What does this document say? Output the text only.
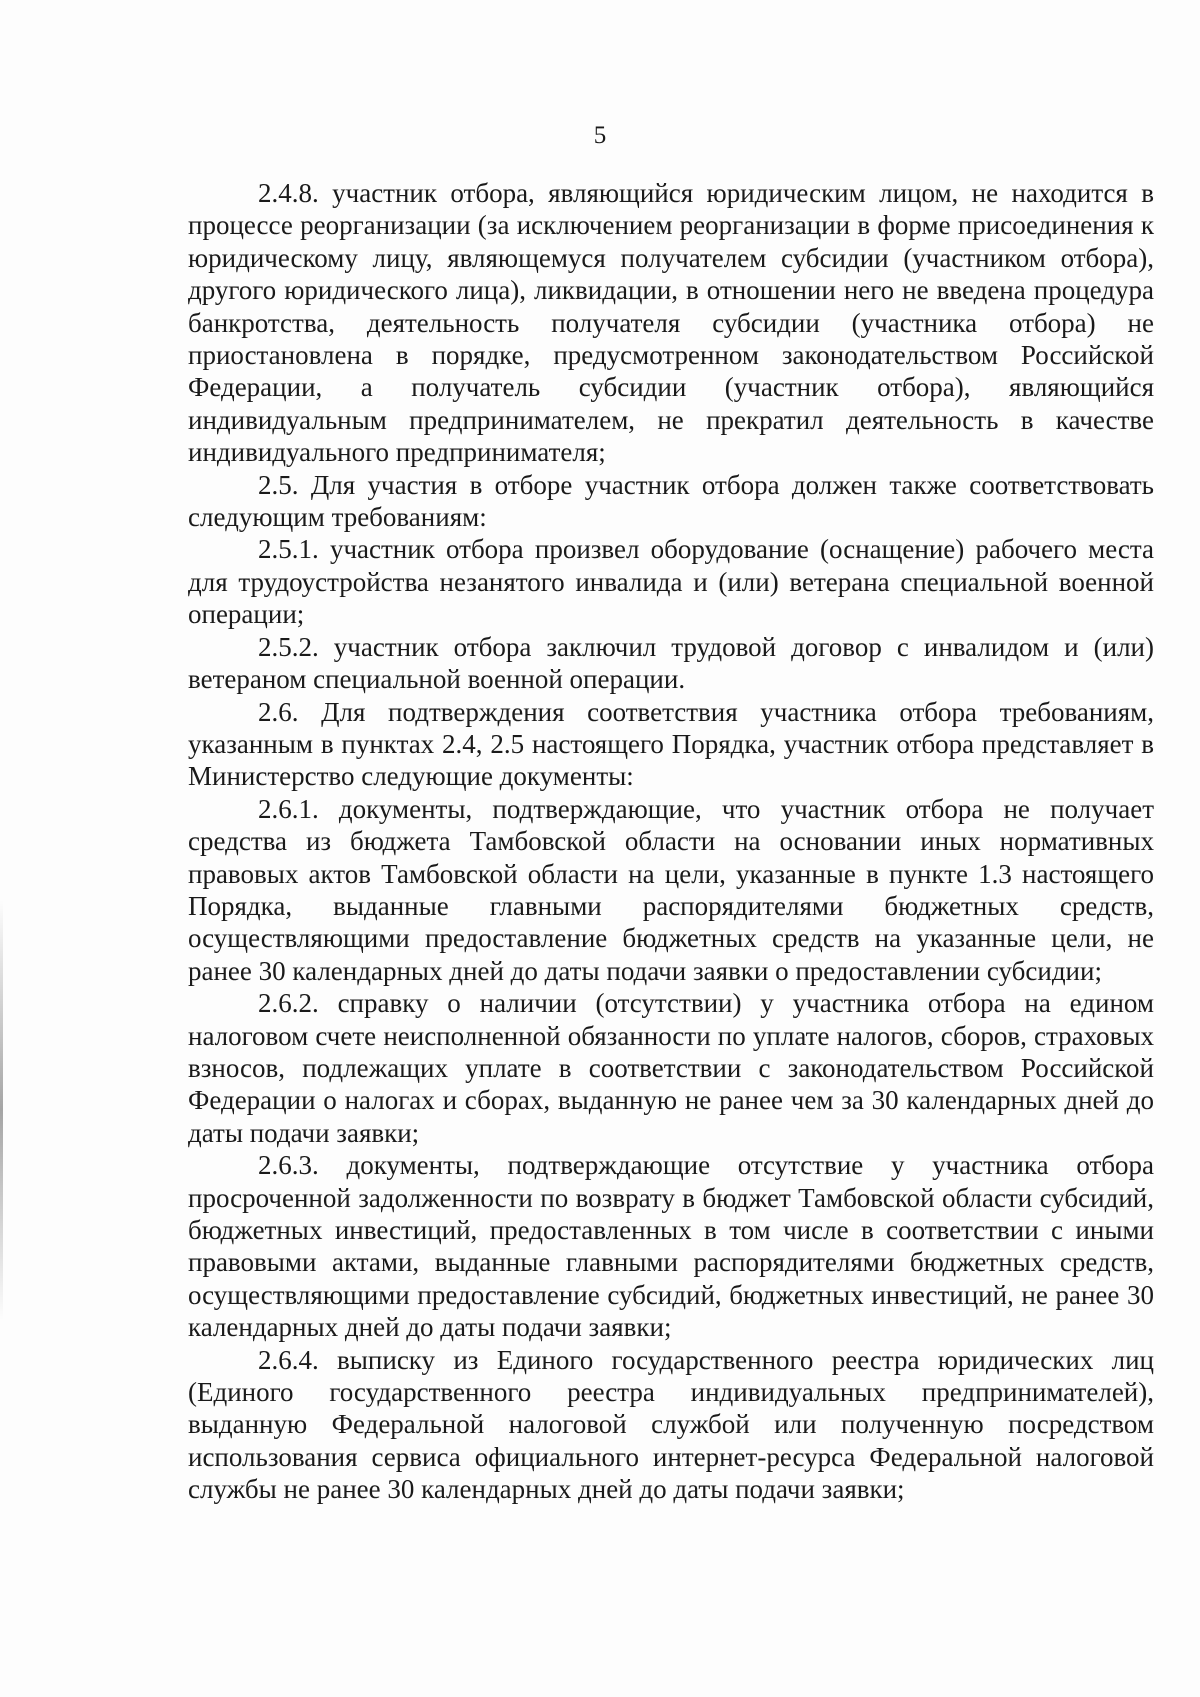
5

2.4.8. участник отбора, являющийся юридическим лицом, не находится в процессе реорганизации (за исключением реорганизации в форме присоединения к юридическому лицу, являющемуся получателем субсидии (участником отбора), другого юридического лица), ликвидации, в отношении него не введена процедура банкротства, деятельность получателя субсидии (участника отбора) не приостановлена в порядке, предусмотренном законодательством Российской Федерации, а получатель субсидии (участник отбора), являющийся индивидуальным предпринимателем, не прекратил деятельность в качестве индивидуального предпринимателя;

2.5. Для участия в отборе участник отбора должен также соответствовать следующим требованиям:

2.5.1. участник отбора произвел оборудование (оснащение) рабочего места для трудоустройства незанятого инвалида и (или) ветерана специальной военной операции;

2.5.2. участник отбора заключил трудовой договор с инвалидом и (или) ветераном специальной военной операции.

2.6. Для подтверждения соответствия участника отбора требованиям, указанным в пунктах 2.4, 2.5 настоящего Порядка, участник отбора представляет в Министерство следующие документы:

2.6.1. документы, подтверждающие, что участник отбора не получает средства из бюджета Тамбовской области на основании иных нормативных правовых актов Тамбовской области на цели, указанные в пункте 1.3 настоящего Порядка, выданные главными распорядителями бюджетных средств, осуществляющими предоставление бюджетных средств на указанные цели, не ранее 30 календарных дней до даты подачи заявки о предоставлении субсидии;

2.6.2. справку о наличии (отсутствии) у участника отбора на едином налоговом счете неисполненной обязанности по уплате налогов, сборов, страховых взносов, подлежащих уплате в соответствии с законодательством Российской Федерации о налогах и сборах, выданную не ранее чем за 30 календарных дней до даты подачи заявки;

2.6.3. документы, подтверждающие отсутствие у участника отбора просроченной задолженности по возврату в бюджет Тамбовской области субсидий, бюджетных инвестиций, предоставленных в том числе в соответствии с иными правовыми актами, выданные главными распорядителями бюджетных средств, осуществляющими предоставление субсидий, бюджетных инвестиций, не ранее 30 календарных дней до даты подачи заявки;

2.6.4. выписку из Единого государственного реестра юридических лиц (Единого государственного реестра индивидуальных предпринимателей), выданную Федеральной налоговой службой или полученную посредством использования сервиса официального интернет-ресурса Федеральной налоговой службы не ранее 30 календарных дней до даты подачи заявки;
